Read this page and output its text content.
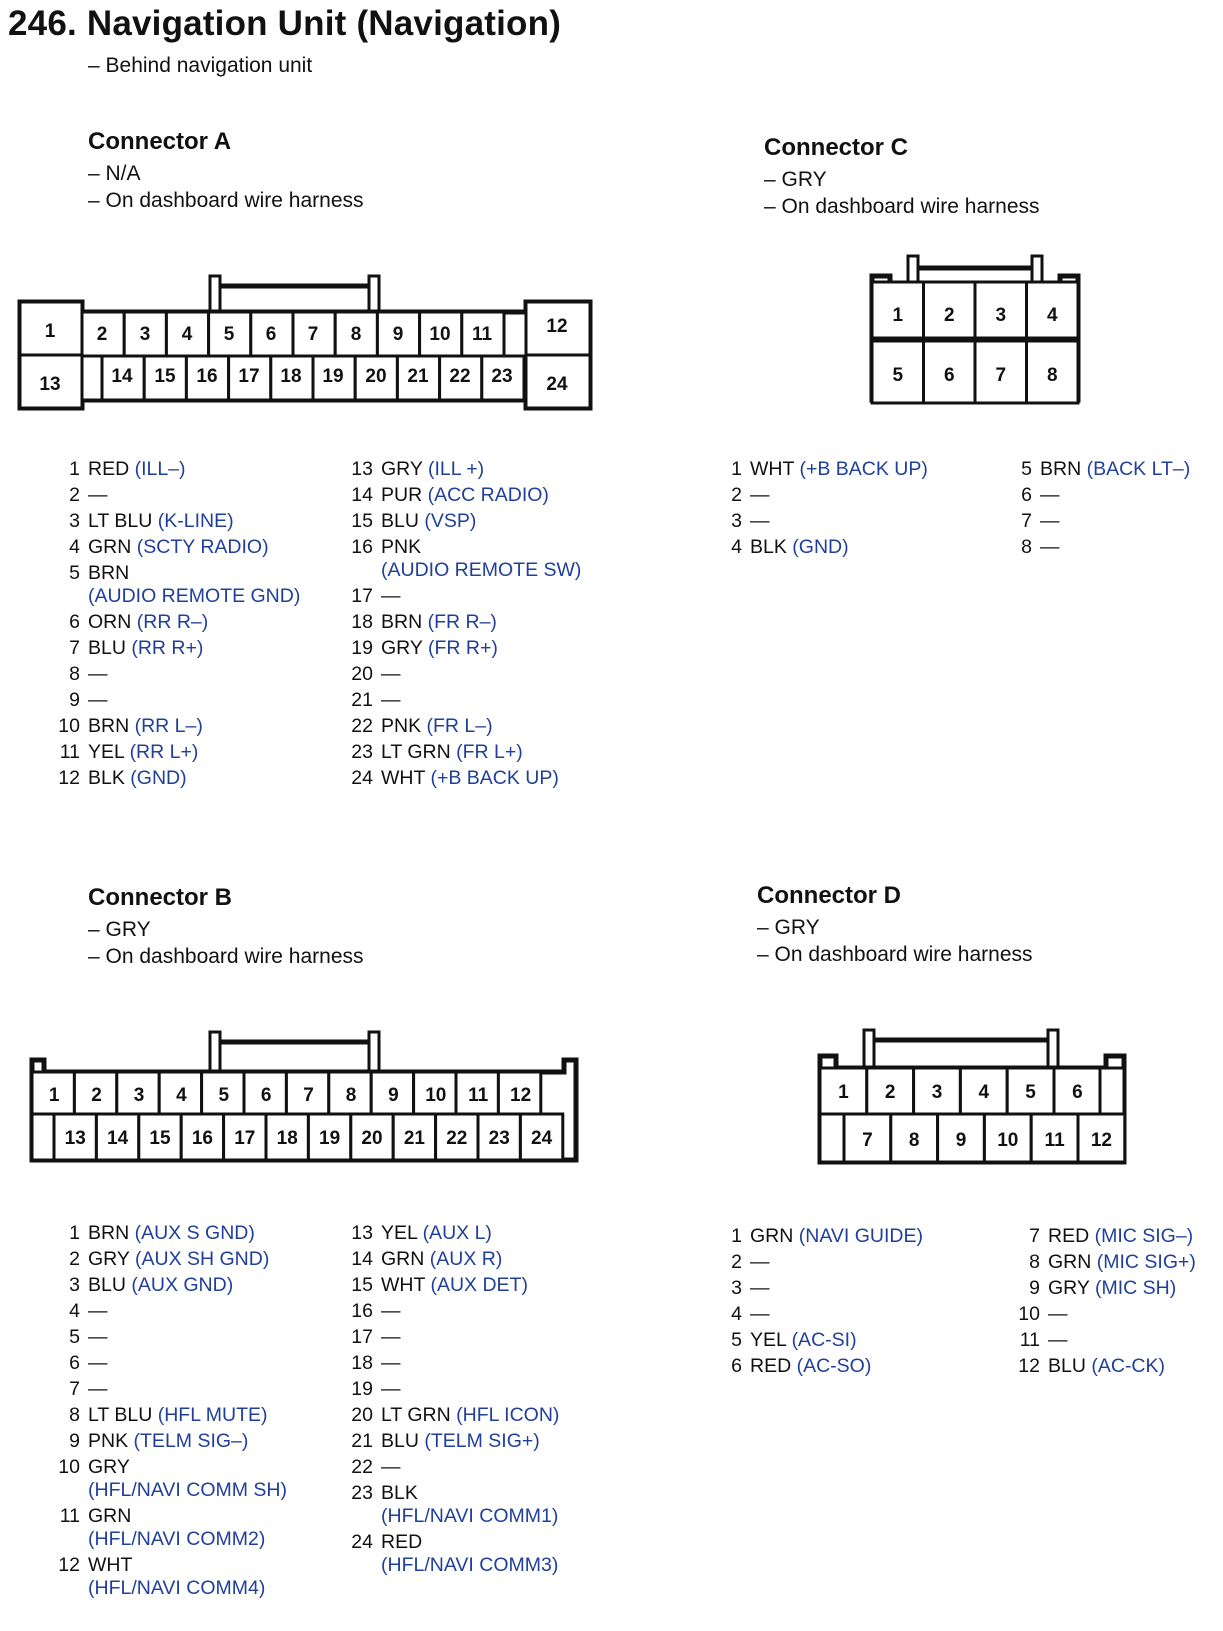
246. Navigation Unit (Navigation)
– Behind navigation unit
Connector A
– N/A
– On dashboard wire harness
Connector C
– GRY
– On dashboard wire harness
Connector B
– GRY
– On dashboard wire harness
Connector D
– GRY
– On dashboard wire harness
1
13
12
24
2 3 4 5 6 7 8 9 10 11
14 15 16 17 18 19 20 21 22 23
1 2 3 4
5 6 7 8
1 2 3 4 5 6 7 8 9 10 11 12
13 14 15 16 17 18 19 20 21 22 23 24
1 2 3 4 5 6
7 8 9 10 11 12
1 RED (ILL–)
2 —
3 LT BLU (K-LINE)
4 GRN (SCTY RADIO)
5 BRN
(AUDIO REMOTE GND)
6 ORN (RR R–)
7 BLU (RR R+)
8 —
9 —
10 BRN (RR L–)
11 YEL (RR L+)
12 BLK (GND)
13 GRY (ILL +)
14 PUR (ACC RADIO)
15 BLU (VSP)
16 PNK
(AUDIO REMOTE SW)
17 —
18 BRN (FR R–)
19 GRY (FR R+)
20 —
21 —
22 PNK (FR L–)
23 LT GRN (FR L+)
24 WHT (+B BACK UP)
1 WHT (+B BACK UP)
2 —
3 —
4 BLK (GND)
5 BRN (BACK LT–)
6 —
7 —
8 —
1 BRN (AUX S GND)
2 GRY (AUX SH GND)
3 BLU (AUX GND)
4 —
5 —
6 —
7 —
8 LT BLU (HFL MUTE)
9 PNK (TELM SIG–)
10 GRY
(HFL/NAVI COMM SH)
11 GRN
(HFL/NAVI COMM2)
12 WHT
(HFL/NAVI COMM4)
13 YEL (AUX L)
14 GRN (AUX R)
15 WHT (AUX DET)
16 —
17 —
18 —
19 —
20 LT GRN (HFL ICON)
21 BLU (TELM SIG+)
22 —
23 BLK
(HFL/NAVI COMM1)
24 RED
(HFL/NAVI COMM3)
1 GRN (NAVI GUIDE)
2 —
3 —
4 —
5 YEL (AC-SI)
6 RED (AC-SO)
7 RED (MIC SIG–)
8 GRN (MIC SIG+)
9 GRY (MIC SH)
10 —
11 —
12 BLU (AC-CK)
